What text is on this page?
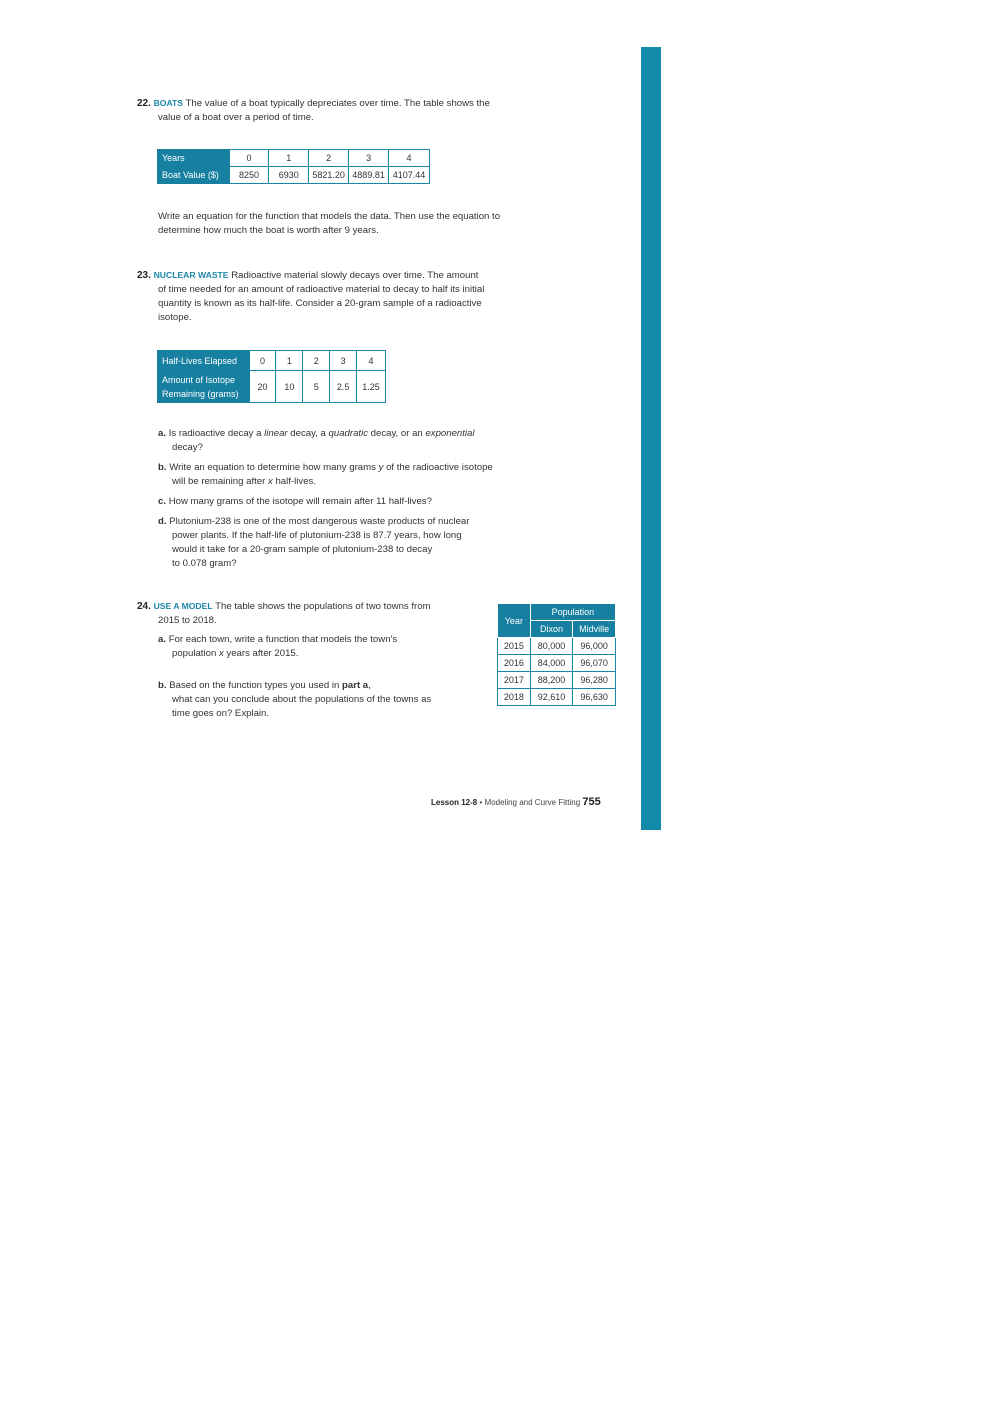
22. BOATS The value of a boat typically depreciates over time. The table shows the
value of a boat over a period of time.
Years	0	1	2	3	4
Boat Value ($)	8250	6930	5821.20	4889.81	4107.44
Write an equation for the function that models the data. Then use the equation to
determine how much the boat is worth after 9 years.
23. NUCLEAR WASTE Radioactive material slowly decays over time. The amount
of time needed for an amount of radioactive material to decay to half its initial
quantity is known as its half-life. Consider a 20-gram sample of a radioactive
isotope.
Half-Lives Elapsed	0	1	2	3	4
Amount of Isotope
Remaining (grams)	20	10	5	2.5	1.25
a. Is radioactive decay a linear decay, a quadratic decay, or an exponential
decay?
b. Write an equation to determine how many grams y of the radioactive isotope
will be remaining after x half-lives.
c. How many grams of the isotope will remain after 11 half-lives?
d. Plutonium-238 is one of the most dangerous waste products of nuclear
power plants. If the half-life of plutonium-238 is 87.7 years, how long
would it take for a 20-gram sample of plutonium-238 to decay
to 0.078 gram?
24. USE A MODEL The table shows the populations of two towns from
2015 to 2018.
a. For each town, write a function that models the town's
population x years after 2015.
b. Based on the function types you used in part a,
what can you conclude about the populations of the towns as
time goes on? Explain.
Year	Population	
	Dixon	Midville
2015	80,000	96,000
2016	84,000	96,070
2017	88,200	96,280
2018	92,610	96,630
Lesson 12-8 • Modeling and Curve Fitting 755
